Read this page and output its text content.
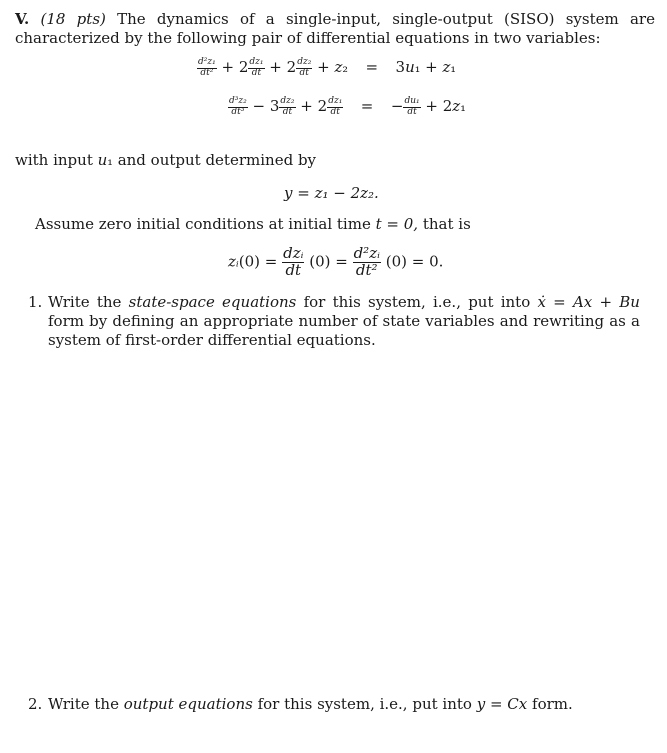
V. (18 pts) The dynamics of a single-input, single-output (SISO) system are characterized by the following pair of differential equations in two variables:
$\frac{\text{d²z₁}}{\text{dt²}} + 2 \frac{\text{dz₁}}{dt} + 2 \frac{\text{dz₂}}{dt} + z_2 = 3u_1 + z_1$
$\frac{\text{d³z₂}}{\text{dt³}} - 3 \frac{\text{dz₂}}{dt} + 2 \frac{\text{dz₁}}{dt}$ = − $\frac{\text{du₁}}{dt} + 2z_1$
with input u₁ and output determined by
y = z₁ − 2z₂.
Assume zero initial conditions at initial time t = 0, that is
zᵢ(0) = $\frac{\text{dzᵢ}}{dt} (0) = \frac{\text{d²zᵢ}}{\text{dt²}} (0) = 0$.
1. Write the state-space equations for this system, i.e., put into ẋ = Ax + Bu form by defining an appropriate number of state variables and rewriting as a system of first-order differential equations.
2. Write the output equations for this system, i.e., put into y = Cx form.
